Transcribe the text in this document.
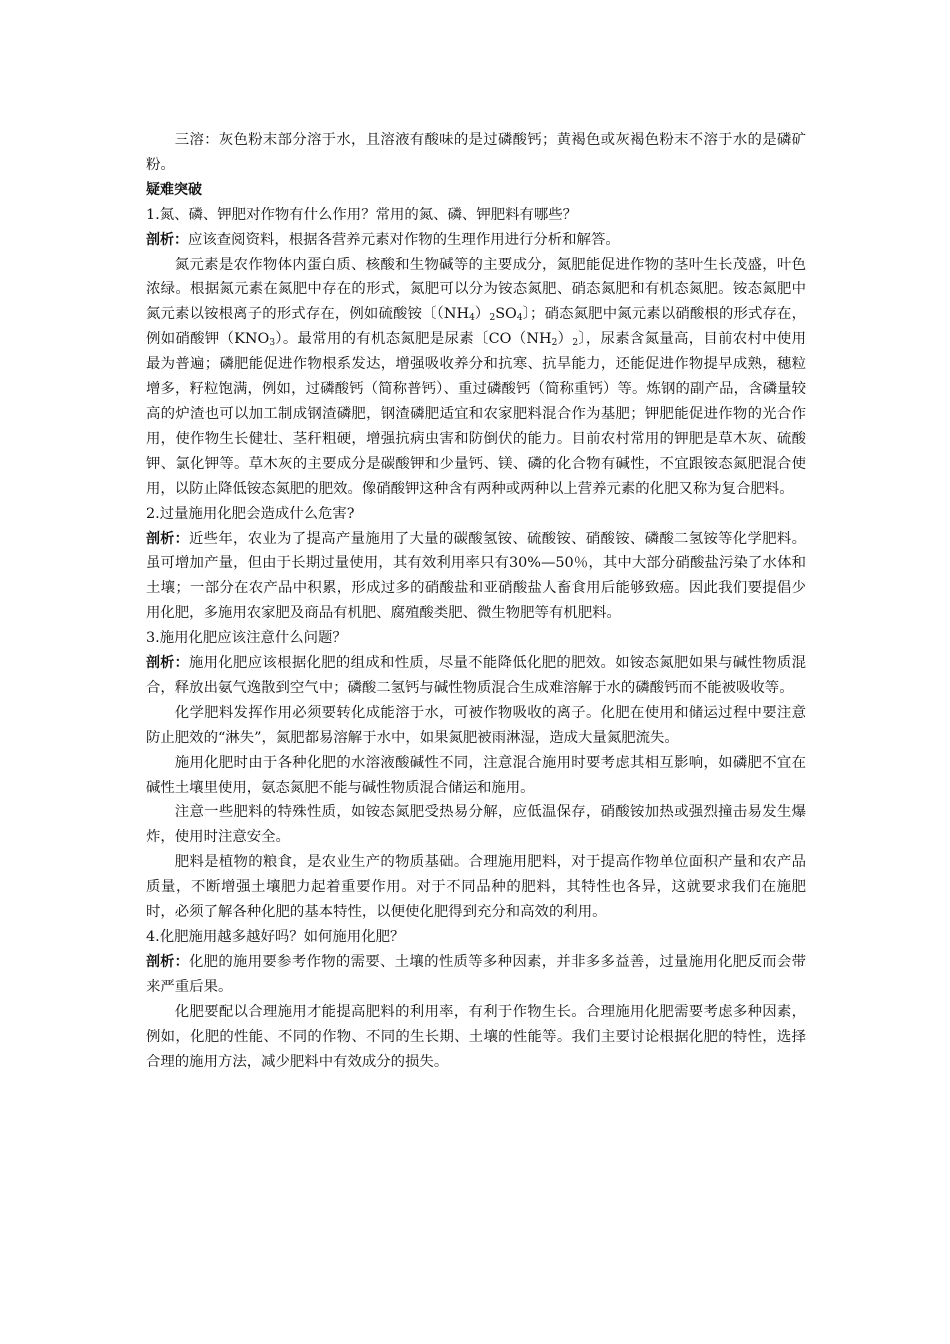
三溶：灰色粉末部分溶于水，且溶液有酸味的是过磷酸钙；黄褐色或灰褐色粉末不溶于水的是磷矿粉。

疑难突破

1.氮、磷、钾肥对作物有什么作用？常用的氮、磷、钾肥料有哪些？

剖析：应该查阅资料，根据各营养元素对作物的生理作用进行分析和解答。

氮元素是农作物体内蛋白质、核酸和生物碱等的主要成分，氮肥能促进作物的茎叶生长茂盛，叶色浓绿。根据氮元素在氮肥中存在的形式，氮肥可以分为铵态氮肥、硝态氮肥和有机态氮肥。铵态氮肥中氮元素以铵根离子的形式存在，例如硫酸铵〔$(NH_4)_2SO_4$〕；硝态氮肥中氮元素以硝酸根的形式存在，例如硝酸钾$(KNO_3)$。最常用的有机态氮肥是尿素〔$CO(NH_2)_2$〕，尿素含氮量高，目前农村中使用最为普遍；磷肥能促进作物根系发达，增强吸收养分和抗寒、抗旱能力，还能促进作物提早成熟，穗粒增多，籽粒饱满，例如，过磷酸钙（简称普钙）、重过磷酸钙（简称重钙）等。炼钢的副产品，含磷量较高的炉渣也可以加工制成钢渣磷肥，钢渣磷肥适宜和农家肥料混合作为基肥；钾肥能促进作物的光合作用，使作物生长健壮、茎秆粗硬，增强抗病虫害和防倒伏的能力。目前农村常用的钾肥是草木灰、硫酸钾、氯化钾等。草木灰的主要成分是碳酸钾和少量钙、镁、磷的化合物有碱性，不宜跟铵态氮肥混合使用，以防止降低铵态氮肥的肥效。像硝酸钾这种含有两种或两种以上营养元素的化肥又称为复合肥料。

2.过量施用化肥会造成什么危害?

剖析：近些年，农业为了提高产量施用了大量的碳酸氢铵、硫酸铵、硝酸铵、磷酸二氢铵等化学肥料。虽可增加产量，但由于长期过量使用，其有效利用率只有30%—50％，其中大部分硝酸盐污染了水体和土壤；一部分在农产品中积累，形成过多的硝酸盐和亚硝酸盐人畜食用后能够致癌。因此我们要提倡少用化肥，多施用农家肥及商品有机肥、腐殖酸类肥、微生物肥等有机肥料。

3.施用化肥应该注意什么问题？

剖析：施用化肥应该根据化肥的组成和性质，尽量不能降低化肥的肥效。如铵态氮肥如果与碱性物质混合，释放出氨气逸散到空气中；磷酸二氢钙与碱性物质混合生成难溶解于水的磷酸钙而不能被吸收等。

化学肥料发挥作用必须要转化成能溶于水，可被作物吸收的离子。化肥在使用和储运过程中要注意防止肥效的“淋失”，氮肥都易溶解于水中，如果氮肥被雨淋湿，造成大量氮肥流失。

施用化肥时由于各种化肥的水溶液酸碱性不同，注意混合施用时要考虑其相互影响，如磷肥不宜在碱性土壤里使用，氨态氮肥不能与碱性物质混合储运和施用。

注意一些肥料的特殊性质，如铵态氮肥受热易分解，应低温保存，硝酸铵加热或强烈撞击易发生爆炸，使用时注意安全。

肥料是植物的粮食，是农业生产的物质基础。合理施用肥料，对于提高作物单位面积产量和农产品质量，不断增强土壤肥力起着重要作用。对于不同品种的肥料，其特性也各异，这就要求我们在施肥时，必须了解各种化肥的基本特性，以便使化肥得到充分和高效的利用。

4.化肥施用越多越好吗？如何施用化肥？

剖析：化肥的施用要参考作物的需要、土壤的性质等多种因素，并非多多益善，过量施用化肥反而会带来严重后果。

化肥要配以合理施用才能提高肥料的利用率，有利于作物生长。合理施用化肥需要考虑多种因素，例如，化肥的性能、不同的作物、不同的生长期、土壤的性能等。我们主要讨论根据化肥的特性，选择合理的施用方法，减少肥料中有效成分的损失。
